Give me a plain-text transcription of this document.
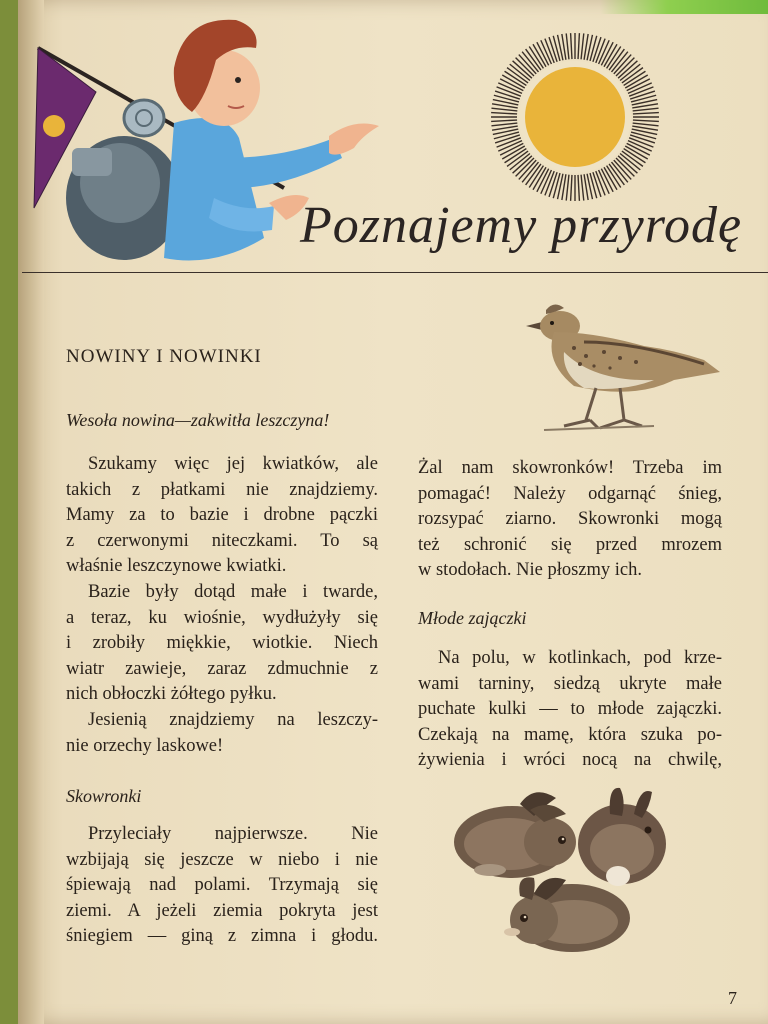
Poznajemy przyrodę
NOWINY I NOWINKI
Wesoła nowina—zakwitła leszczyna!
Szukamy więc jej kwiatków, ale
takich z płatkami nie znajdziemy.
Mamy za to bazie i drobne pączki
z czerwonymi niteczkami. To są
właśnie leszczynowe kwiatki.
Bazie były dotąd małe i twarde,
a teraz, ku wiośnie, wydłużyły się
i zrobiły miękkie, wiotkie. Niech
wiatr zawieje, zaraz zdmuchnie z
nich obłoczki żółtego pyłku.
Jesienią znajdziemy na leszczy-
nie orzechy laskowe!
Skowronki
Przyleciały najpierwsze. Nie
wzbijają się jeszcze w niebo i nie
śpiewają nad polami. Trzymają się
ziemi. A jeżeli ziemia pokryta jest
śniegiem — giną z zimna i głodu.
Żal nam skowronków! Trzeba im
pomagać! Należy odgarnąć śnieg,
rozsypać ziarno. Skowronki mogą
też schronić się przed mrozem
w stodołach. Nie płoszmy ich.
Młode zajączki
Na polu, w kotlinkach, pod krze-
wami tarniny, siedzą ukryte małe
puchate kulki — to młode zajączki.
Czekają na mamę, która szuka po-
żywienia i wróci nocą na chwilę,
7
